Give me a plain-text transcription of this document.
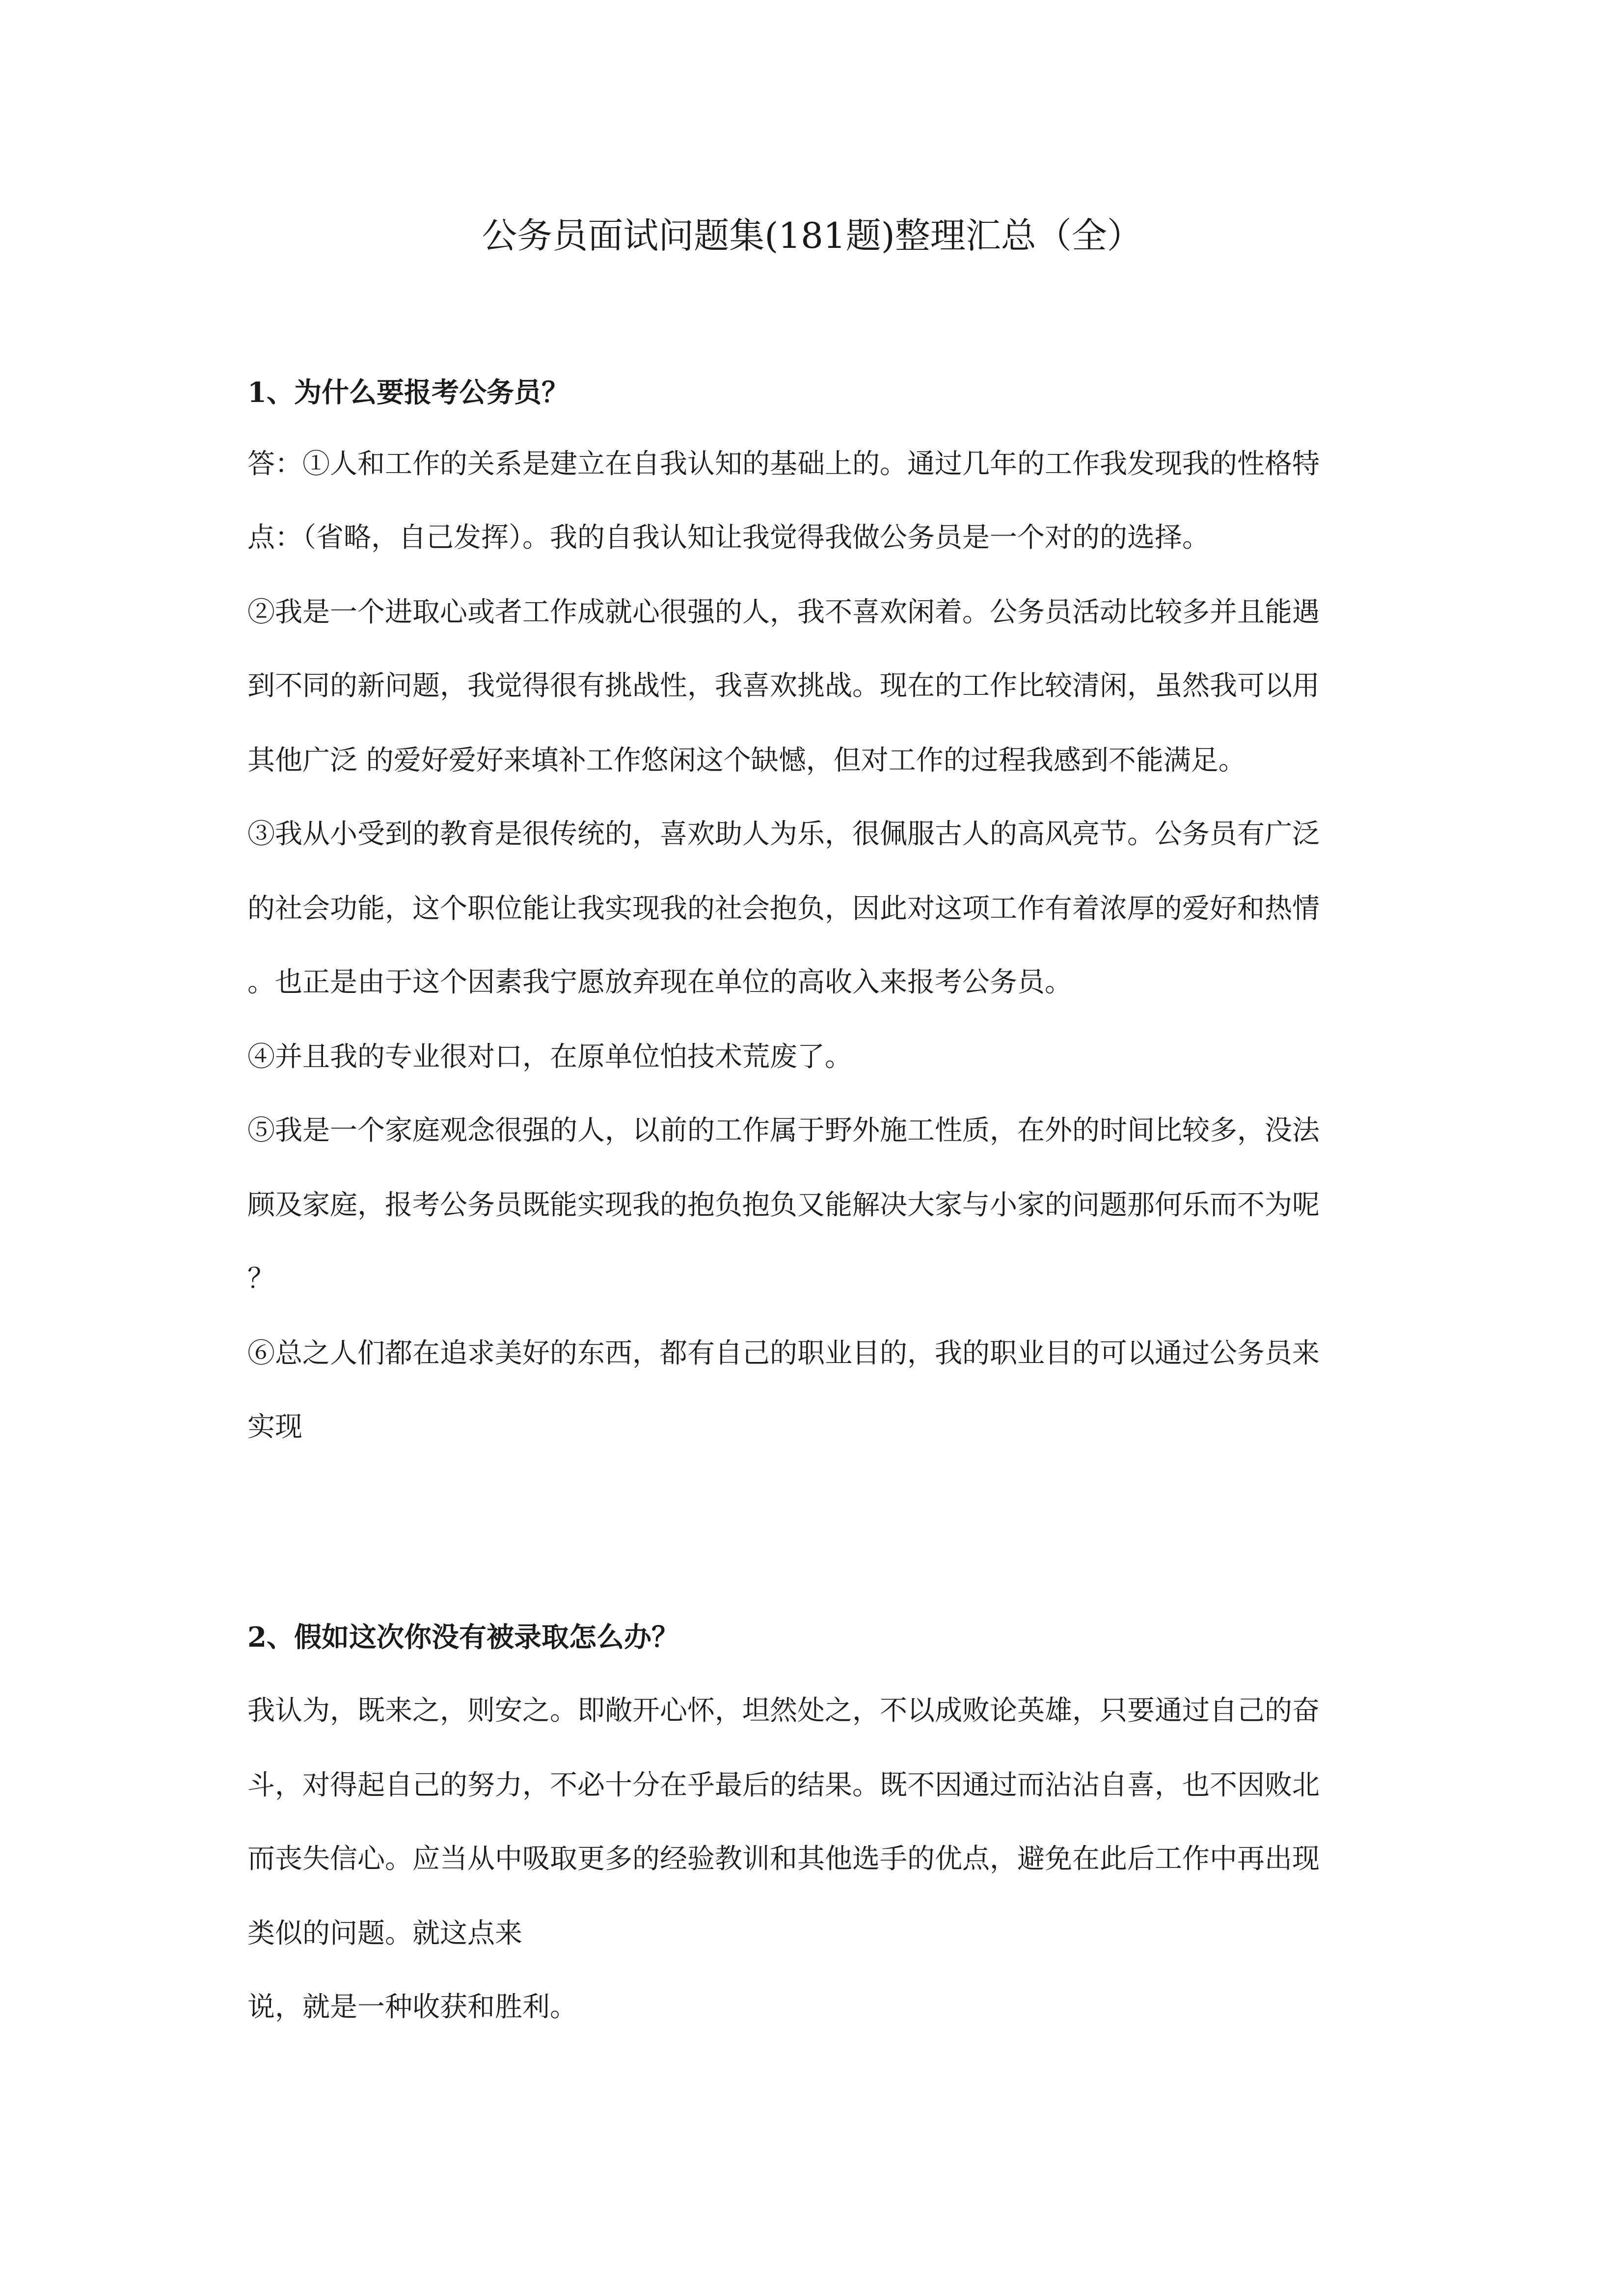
公务员面试问题集(181题)整理汇总（全）
1、为什么要报考公务员？
答：①人和工作的关系是建立在自我认知的基础上的。通过几年的工作我发现我的性格特
点：（省略，自己发挥）。我的自我认知让我觉得我做公务员是一个对的的选择。
②我是一个进取心或者工作成就心很强的人，我不喜欢闲着。公务员活动比较多并且能遇
到不同的新问题，我觉得很有挑战性，我喜欢挑战。现在的工作比较清闲，虽然我可以用
其他广泛 的爱好爱好来填补工作悠闲这个缺憾，但对工作的过程我感到不能满足。
③我从小受到的教育是很传统的，喜欢助人为乐，很佩服古人的高风亮节。公务员有广泛
的社会功能，这个职位能让我实现我的社会抱负，因此对这项工作有着浓厚的爱好和热情
。也正是由于这个因素我宁愿放弃现在单位的高收入来报考公务员。
④并且我的专业很对口，在原单位怕技术荒废了。
⑤我是一个家庭观念很强的人，以前的工作属于野外施工性质，在外的时间比较多，没法
顾及家庭，报考公务员既能实现我的抱负抱负又能解决大家与小家的问题那何乐而不为呢
？
⑥总之人们都在追求美好的东西，都有自己的职业目的，我的职业目的可以通过公务员来
实现
2、假如这次你没有被录取怎么办？
我认为，既来之，则安之。即敞开心怀，坦然处之，不以成败论英雄，只要通过自己的奋
斗，对得起自己的努力，不必十分在乎最后的结果。既不因通过而沾沾自喜，也不因败北
而丧失信心。应当从中吸取更多的经验教训和其他选手的优点，避免在此后工作中再出现
类似的问题。就这点来
说，就是一种收获和胜利。
